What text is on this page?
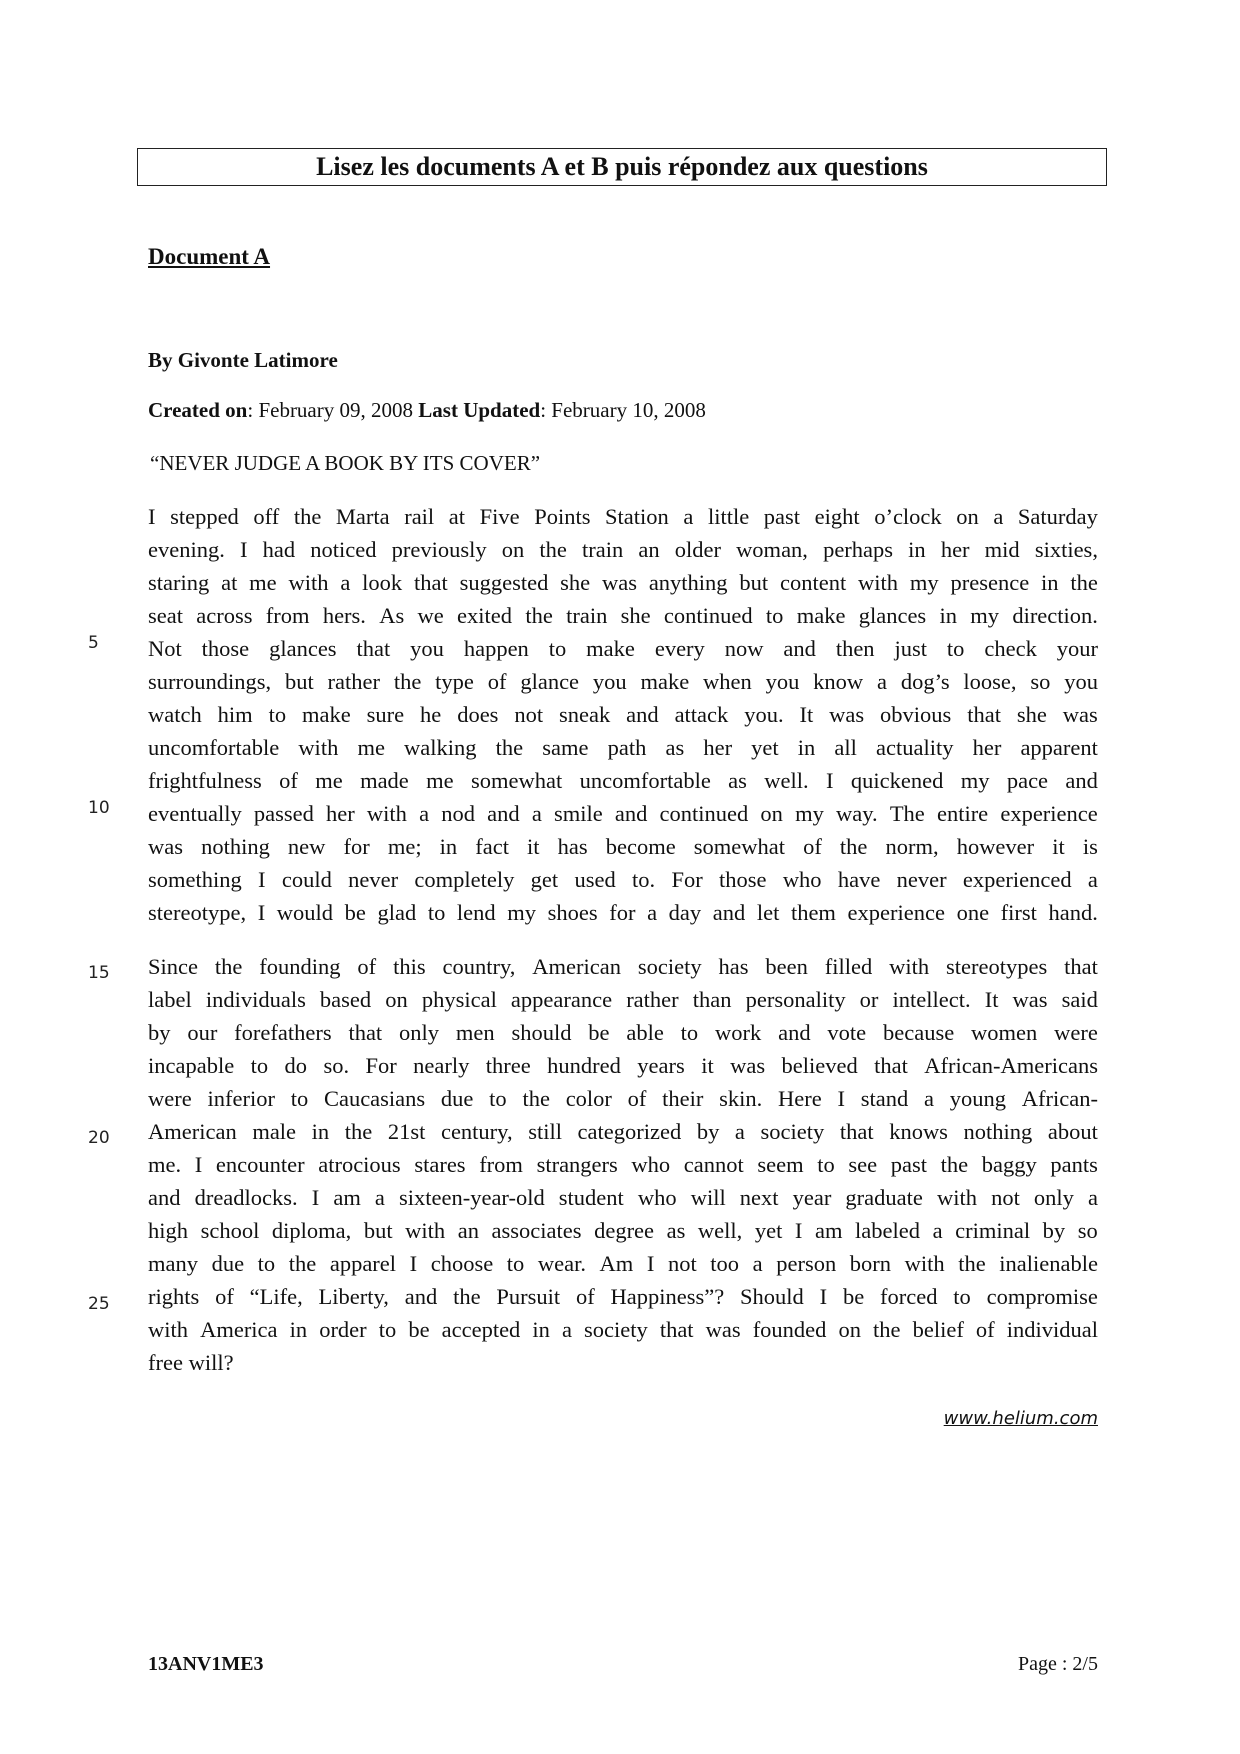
Lisez les documents A et B puis répondez aux questions
Document A
By Givonte Latimore
Created on: February 09, 2008 Last Updated: February 10, 2008
“NEVER JUDGE A BOOK BY ITS COVER”
I stepped off the Marta rail at Five Points Station a little past eight o’clock on a Saturday
evening. I had noticed previously on the train an older woman, perhaps in her mid sixties,
staring at me with a look that suggested she was anything but content with my presence in the
seat across from hers. As we exited the train she continued to make glances in my direction.
Not those glances that you happen to make every now and then just to check your
surroundings, but rather the type of glance you make when you know a dog’s loose, so you
watch him to make sure he does not sneak and attack you. It was obvious that she was
uncomfortable with me walking the same path as her yet in all actuality her apparent
frightfulness of me made me somewhat uncomfortable as well. I quickened my pace and
eventually passed her with a nod and a smile and continued on my way. The entire experience
was nothing new for me; in fact it has become somewhat of the norm, however it is
something I could never completely get used to. For those who have never experienced a
stereotype, I would be glad to lend my shoes for a day and let them experience one first hand.
Since the founding of this country, American society has been filled with stereotypes that
label individuals based on physical appearance rather than personality or intellect. It was said
by our forefathers that only men should be able to work and vote because women were
incapable to do so. For nearly three hundred years it was believed that African-Americans
were inferior to Caucasians due to the color of their skin. Here I stand a young African-
American male in the 21st century, still categorized by a society that knows nothing about
me. I encounter atrocious stares from strangers who cannot seem to see past the baggy pants
and dreadlocks. I am a sixteen-year-old student who will next year graduate with not only a
high school diploma, but with an associates degree as well, yet I am labeled a criminal by so
many due to the apparel I choose to wear. Am I not too a person born with the inalienable
rights of “Life, Liberty, and the Pursuit of Happiness”? Should I be forced to compromise
with America in order to be accepted in a society that was founded on the belief of individual
free will?
5
10
15
20
25
www.helium.com
13ANV1ME3	Page : 2/5
